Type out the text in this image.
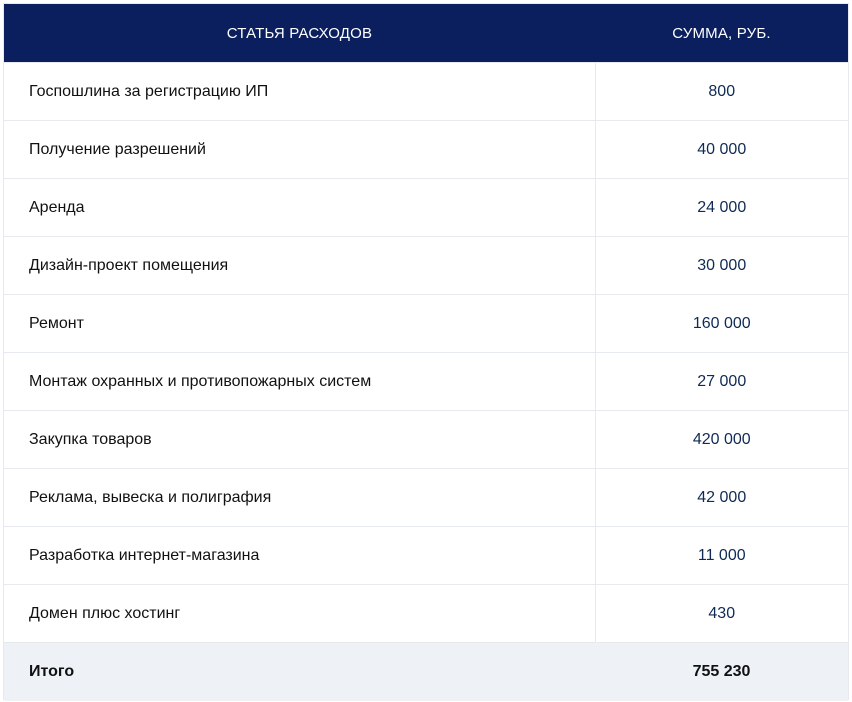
СТАТЬЯ РАСХОДОВ	СУММА, РУБ.
Госпошлина за регистрацию ИП	800
Получение разрешений	40 000
Аренда	24 000
Дизайн-проект помещения	30 000
Ремонт	160 000
Монтаж охранных и противопожарных систем	27 000
Закупка товаров	420 000
Реклама, вывеска и полиграфия	42 000
Разработка интернет-магазина	11 000
Домен плюс хостинг	430
Итого	755 230
